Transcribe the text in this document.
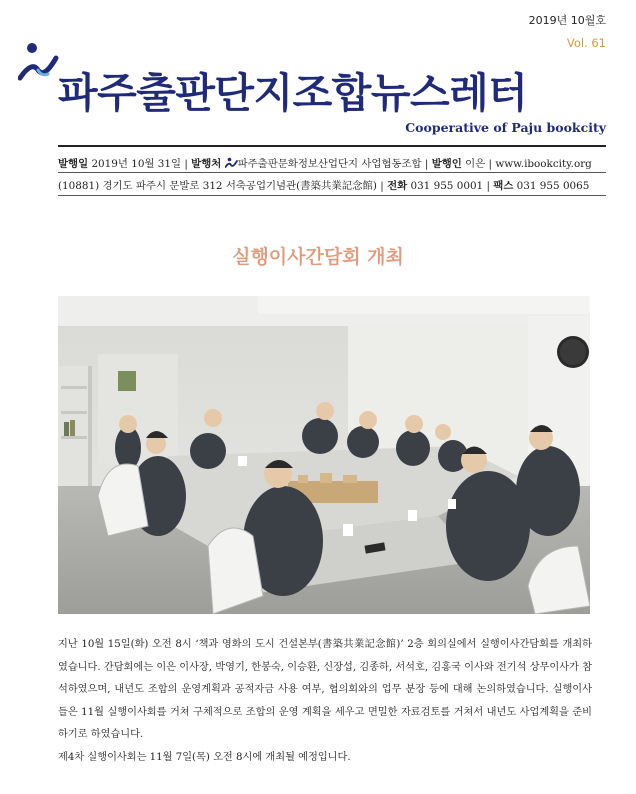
2019년 10월호
Vol. 61
파주출판단지조합뉴스레터
Cooperative of Paju bookcity
발행일 2019년 10월 31일 | 발행처 파주출판문화정보산업단지 사업협동조합 | 발행인 이은 | www.ibookcity.org
(10881) 경기도 파주시 문발로 312 서축공업기념관(書築共業記念館) | 전화 031 955 0001 | 팩스 031 955 0065
실행이사간담회 개최

지난 10월 15일(화) 오전 8시 ‘책과 영화의 도시 건설본부(書築共業記念館)’ 2층 회의실에서 실행이사간담회를 개최하였습니다. 간담회에는 이은 이사장, 박영기, 한봉숙, 이승환, 신장섭, 김종하, 서석호, 김홍국 이사와 전기석 상무이사가 참석하였으며, 내년도 조합의 운영계획과 공적자금 사용 여부, 협의회와의 업무 분장 등에 대해 논의하였습니다. 실행이사들은 11월 실행이사회를 거쳐 구체적으로 조합의 운영 계획을 세우고 면밀한 자료검토를 거쳐서 내년도 사업계획을 준비하기로 하였습니다.

제4차 실행이사회는 11월 7일(목) 오전 8시에 개최될 예정입니다.
